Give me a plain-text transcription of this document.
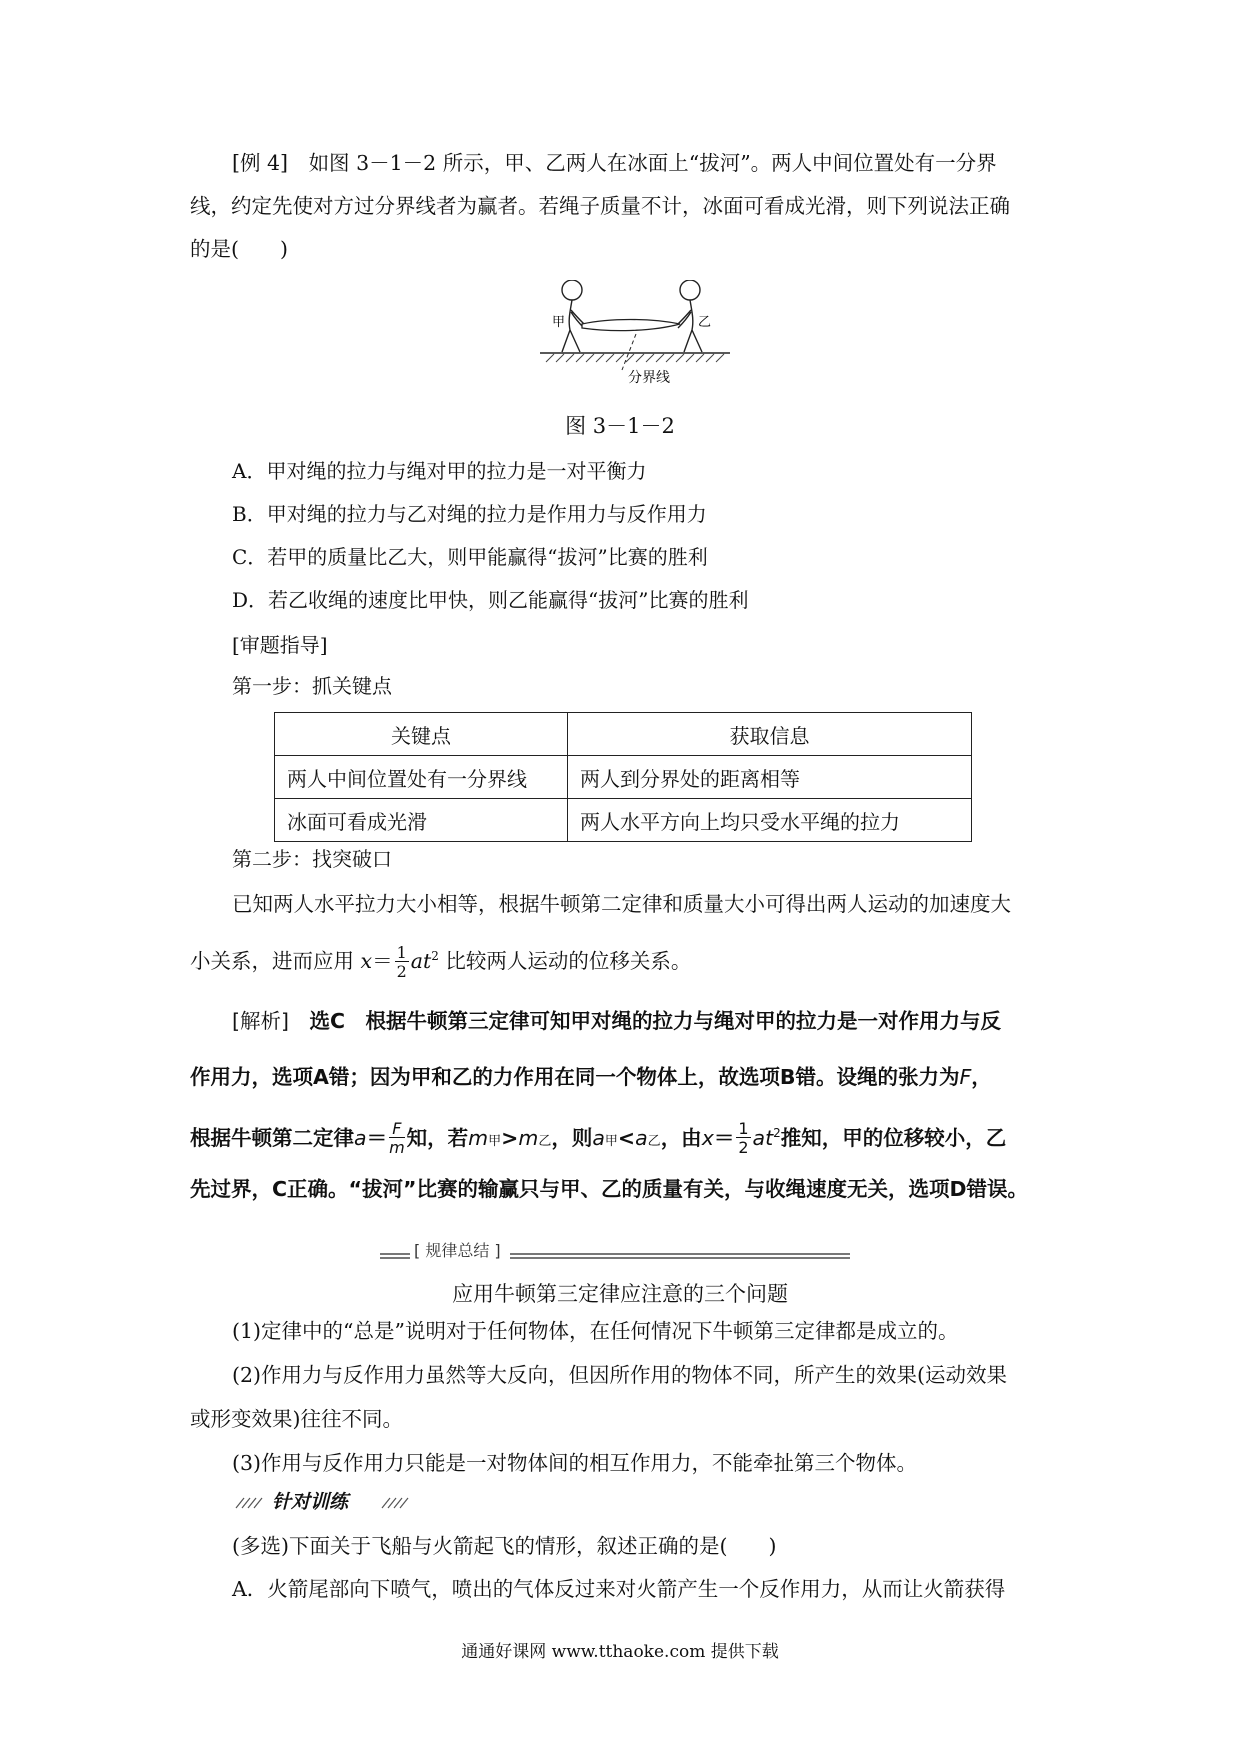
[例 4]　 如图 3－1－2 所示，甲、乙两人在冰面上“拔河”。两人中间位置处有一分界

线，约定先使对方过分界线者为赢者。若绳子质量不计，冰面可看成光滑，则下列说法正确

的是(　　)

甲	乙
分界线
图 3－1－2

A．甲对绳的拉力与绳对甲的拉力是一对平衡力

B．甲对绳的拉力与乙对绳的拉力是作用力与反作用力

C．若甲的质量比乙大，则甲能赢得“拔河”比赛的胜利

D．若乙收绳的速度比甲快，则乙能赢得“拔河”比赛的胜利

[审题指导]

第一步：抓关键点

关键点	获取信息
两人中间位置处有一分界线	两人到分界处的距离相等
冰面可看成光滑	两人水平方向上均只受水平绳的拉力

第二步：找突破口

已知两人水平拉力大小相等，根据牛顿第二定律和质量大小可得出两人运动的加速度大

小关系，进而应用 $x= \frac{1}{2} at^2$ 比较两人运动的位移关系。

[解析]　 选C　根据牛顿第三定律可知甲对绳的拉力与绳对甲的拉力是一对作用力与反

作用力，选项A错；因为甲和乙的力作用在同一个物体上，故选项B错。设绳的张力为F，

根据牛顿第二定律$a= \frac{F}{m}$ 知，若m甲>m乙，则a甲<a乙，由$x= \frac{1}{2} at^2$推知，甲的位移较小，乙

先过界，C正确。“拔河”比赛的输赢只与甲、乙的质量有关，与收绳速度无关，选项D错误。

[ 规律总结 ]
应用牛顿第三定律应注意的三个问题

(1)定律中的“总是”说明对于任何物体，在任何情况下牛顿第三定律都是成立的。

(2)作用力与反作用力虽然等大反向，但因所作用的物体不同，所产生的效果(运动效果

或形变效果)往往不同。

(3)作用与反作用力只能是一对物体间的相互作用力，不能牵扯第三个物体。

针对训练

(多选)下面关于飞船与火箭起飞的情形，叙述正确的是(　　)

A．火箭尾部向下喷气，喷出的气体反过来对火箭产生一个反作用力，从而让火箭获得

通通好课网 www.tthaoke.com 提供下载
